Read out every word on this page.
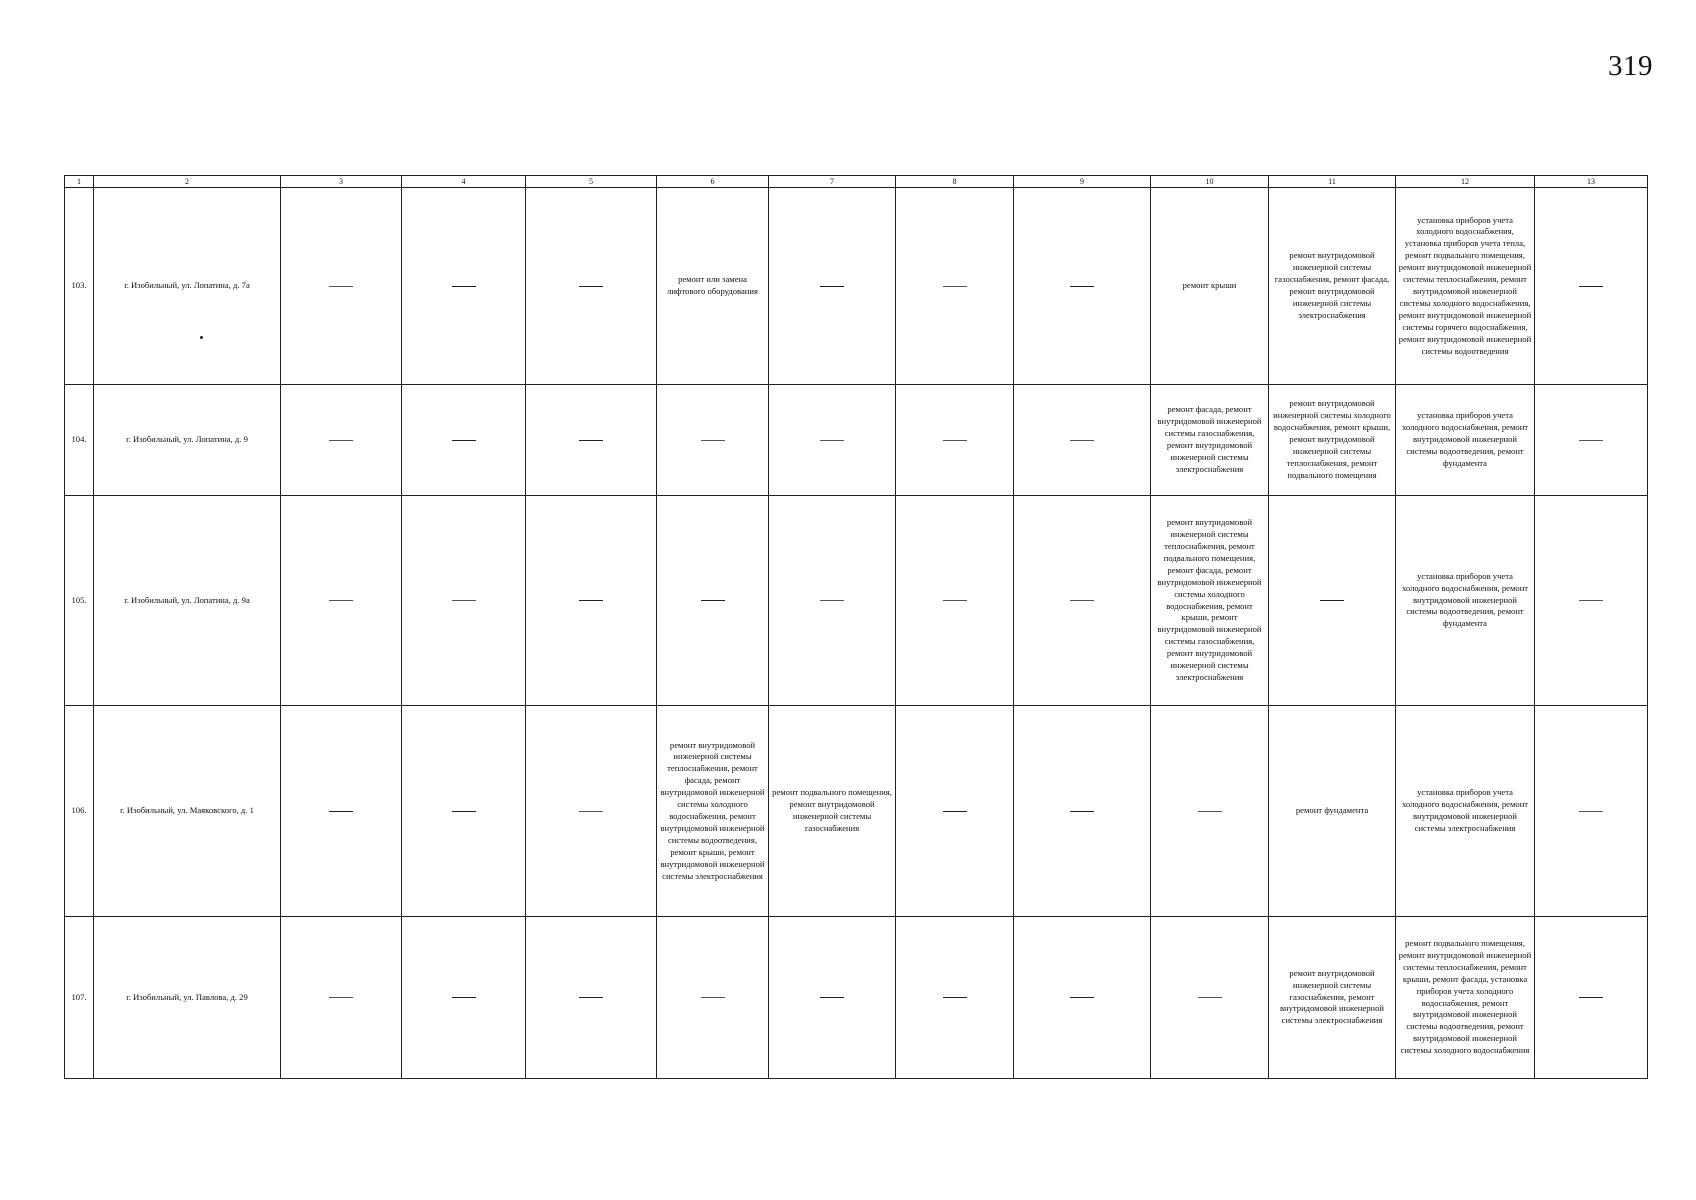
319
1	2	3	4	5	6	7	8	9	10	11	12	13
103.	г. Изобильный, ул. Лопатина, д. 7а				ремонт или замена лифтового оборудования				ремонт крыши	ремонт внутридомовой инженерной системы газоснабжения, ремонт фасада, ремонт внутридомовой инженерной системы электроснабжения	установка приборов учета холодного водоснабжения, установка приборов учета тепла, ремонт подвального помещения, ремонт внутридомовой инженерной системы теплоснабжения, ремонт внутридомовой инженерной системы холодного водоснабжения, ремонт внутридомовой инженерной системы горячего водоснабжения, ремонт внутридомовой инженерной системы водоотведения	
104.	г. Изобильный, ул. Лопатина, д. 9								ремонт фасада, ремонт внутридомовой инженерной системы газоснабжения, ремонт внутридомовой инженерной системы электроснабжения	ремонт внутридомовой инженерной системы холодного водоснабжения, ремонт крыши, ремонт внутридомовой инженерной системы теплоснабжения, ремонт подвального помещения	установка приборов учета холодного водоснабжения, ремонт внутридомовой инженерной системы водоотведения, ремонт фундамента	
105.	г. Изобильный, ул. Лопатина, д. 9а								ремонт внутридомовой инженерной системы теплоснабжения, ремонт подвального помещения, ремонт фасада, ремонт внутридомовой инженерной системы холодного водоснабжения, ремонт крыши, ремонт внутридомовой инженерной системы газоснабжения, ремонт внутридомовой инженерной системы электроснабжения		установка приборов учета холодного водоснабжения, ремонт внутридомовой инженерной системы водоотведения, ремонт фундамента	
106.	г. Изобильный, ул. Маяковского, д. 1				ремонт внутридомовой инженерной системы теплоснабжения, ремонт фасада, ремонт внутридомовой инженерной системы холодного водоснабжения, ремонт внутридомовой инженерной системы водоотведения, ремонт крыши, ремонт внутридомовой инженерной системы электроснабжения	ремонт подвального помещения, ремонт внутридомовой инженерной системы газоснабжения				ремонт фундамента	установка приборов учета холодного водоснабжения, ремонт внутридомовой инженерной системы электроснабжения	
107.	г. Изобильный, ул. Павлова, д. 29									ремонт внутридомовой инженерной системы газоснабжения, ремонт внутридомовой инженерной системы электроснабжения	ремонт подвального помещения, ремонт внутридомовой инженерной системы теплоснабжения, ремонт крыши, ремонт фасада, установка приборов учета холодного водоснабжения, ремонт внутридомовой инженерной системы водоотведения, ремонт внутридомовой инженерной системы холодного водоснабжения	
